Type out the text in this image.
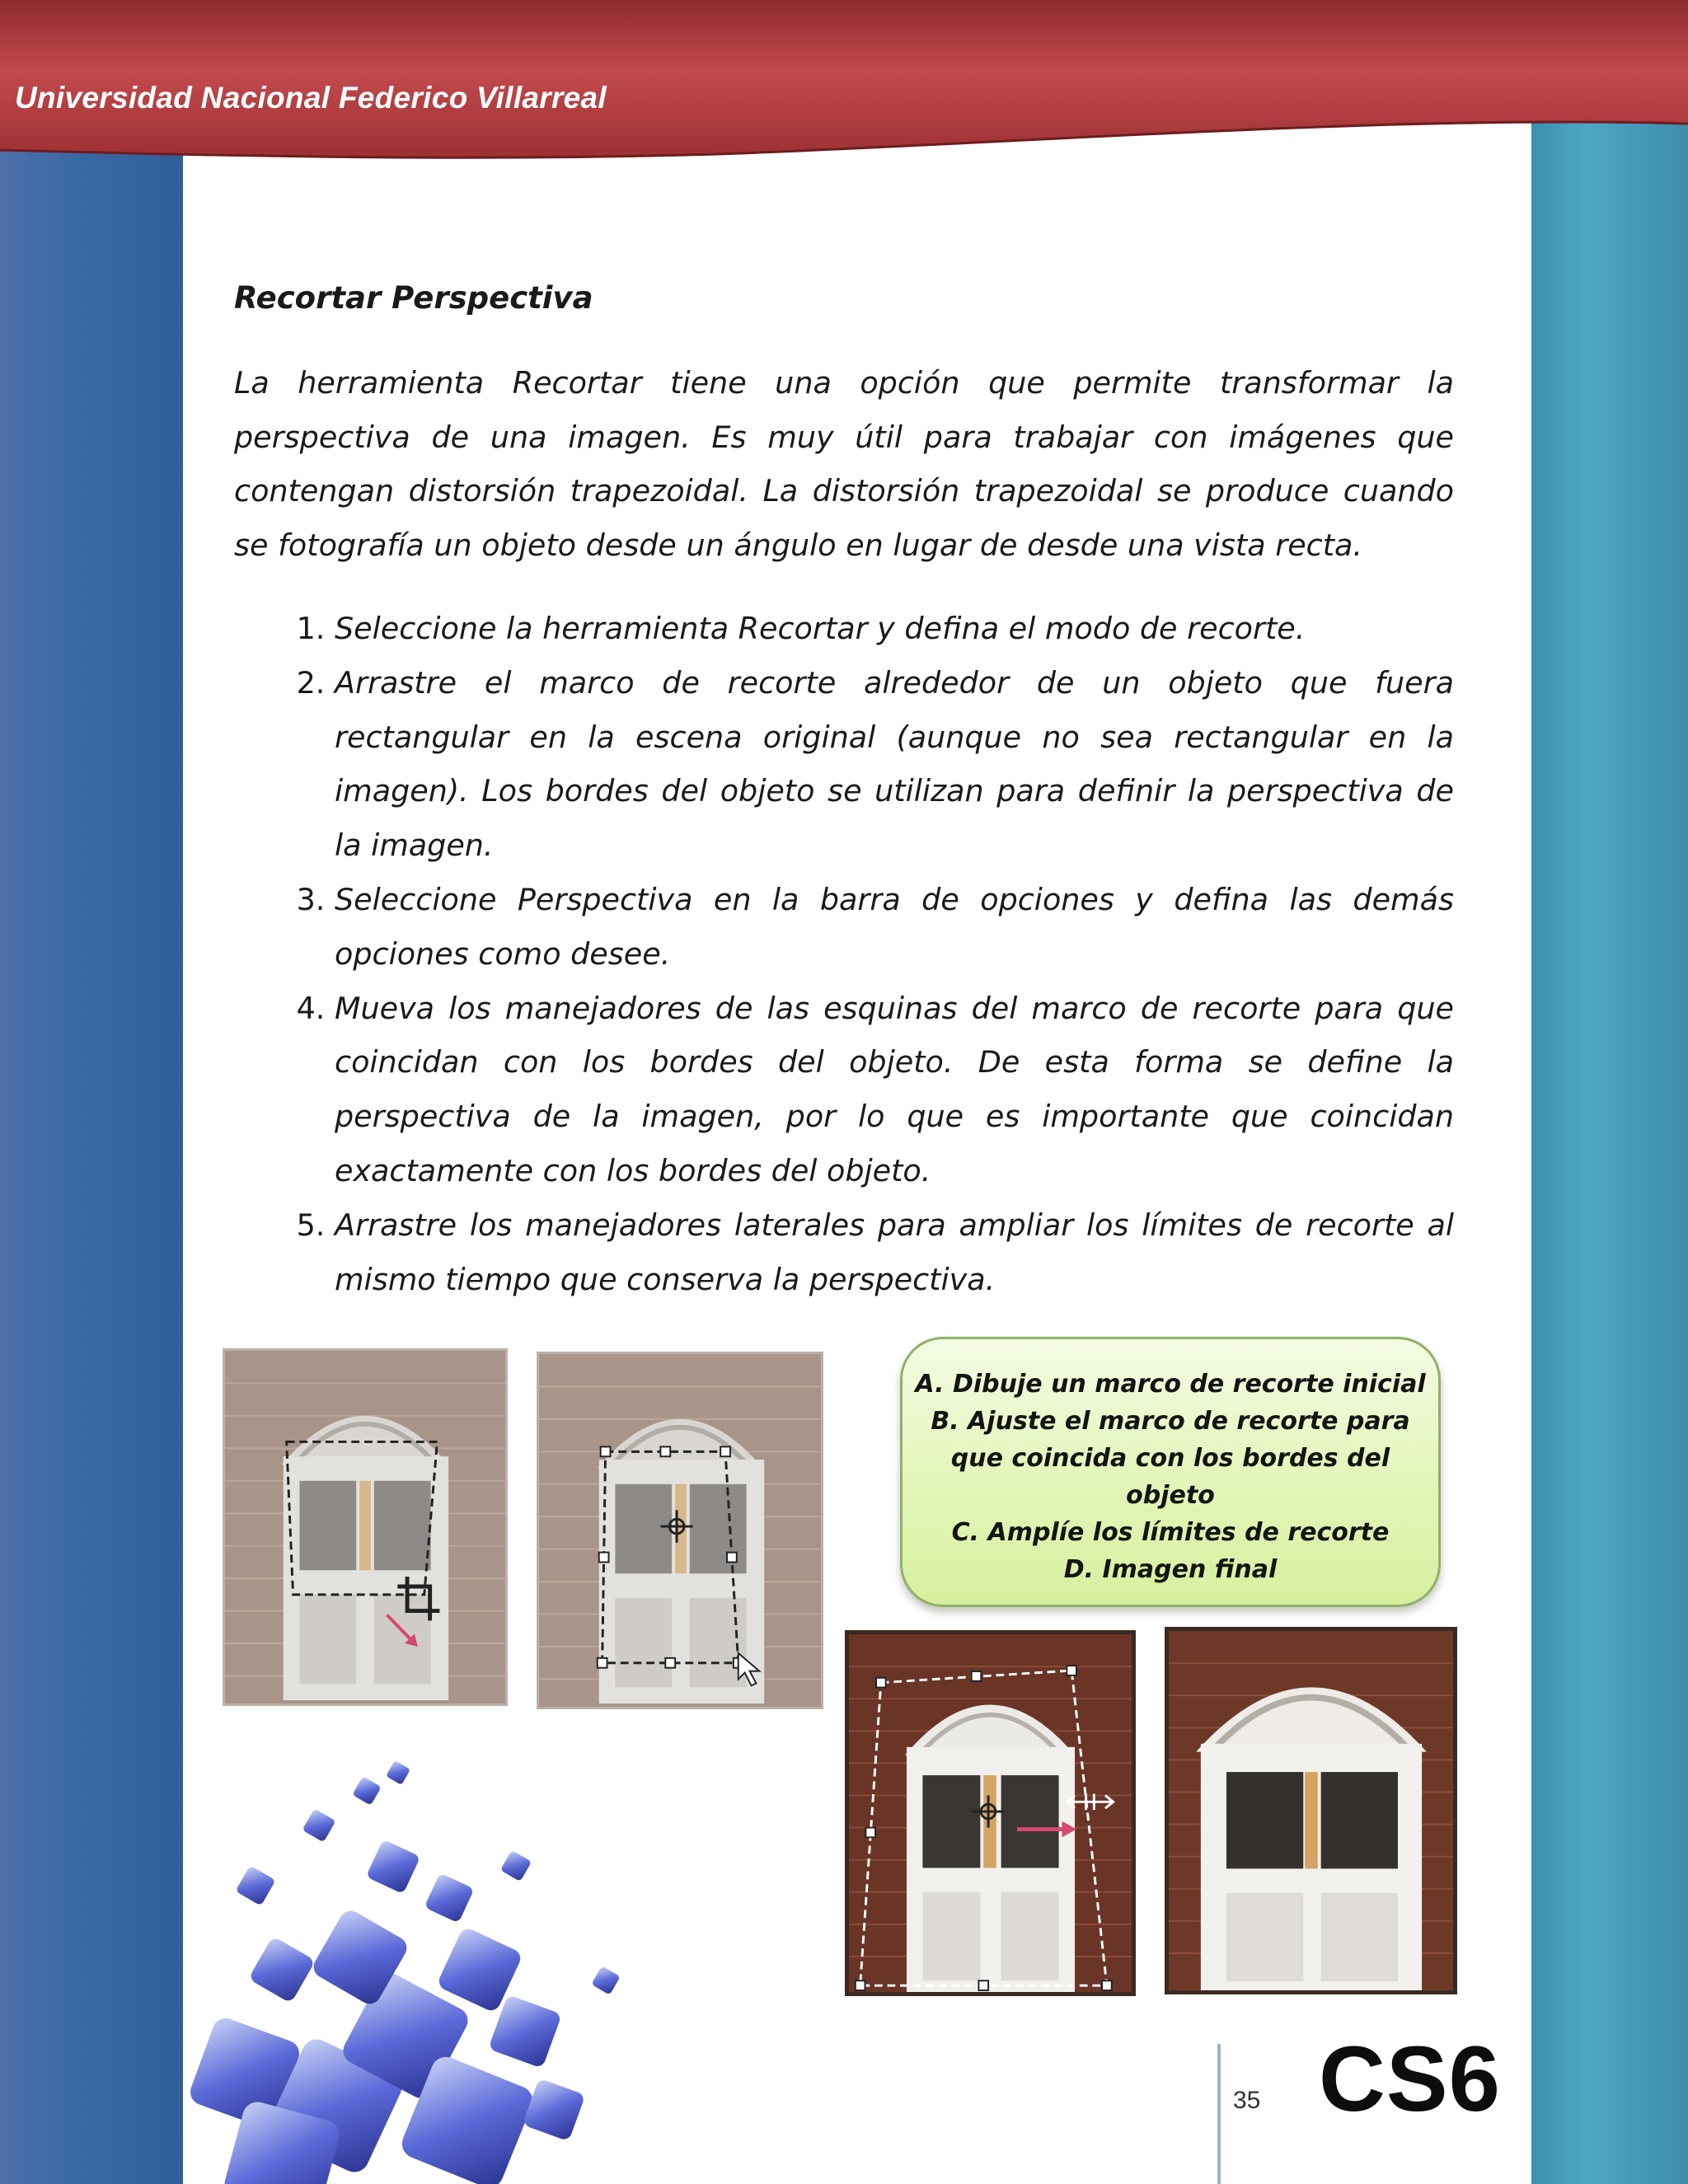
Universidad Nacional Federico Villarreal
Recortar Perspectiva
La herramienta Recortar tiene una opción que permite transformar la perspectiva de una imagen. Es muy útil para trabajar con imágenes que contengan distorsión trapezoidal. La distorsión trapezoidal se produce cuando se fotografía un objeto desde un ángulo en lugar de desde una vista recta.
1. Seleccione la herramienta Recortar y defina el modo de recorte.
2. Arrastre el marco de recorte alrededor de un objeto que fuera rectangular en la escena original (aunque no sea rectangular en la imagen). Los bordes del objeto se utilizan para definir la perspectiva de la imagen.
3. Seleccione Perspectiva en la barra de opciones y defina las demás opciones como desee.
4. Mueva los manejadores de las esquinas del marco de recorte para que coincidan con los bordes del objeto. De esta forma se define la perspectiva de la imagen, por lo que es importante que coincidan exactamente con los bordes del objeto.
5. Arrastre los manejadores laterales para ampliar los límites de recorte al mismo tiempo que conserva la perspectiva.
A. Dibuje un marco de recorte inicial
B. Ajuste el marco de recorte para
que coincida con los bordes del
objeto
C. Amplíe los límites de recorte
D. Imagen final
35 CS6
